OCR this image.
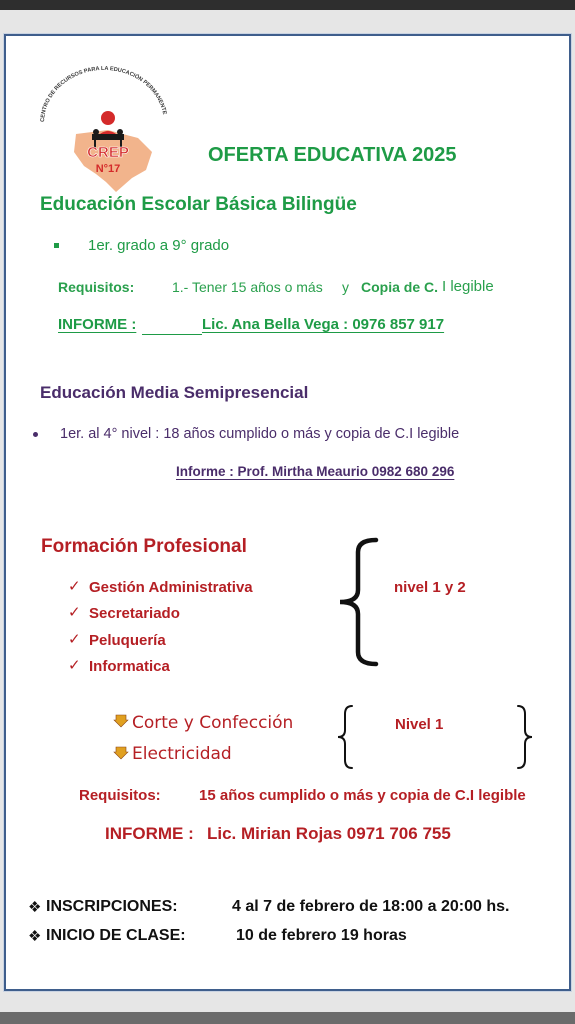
CENTRO DE RECURSOS PARA LA EDUCACIÓN PERMANENTE
CREP
N°17
OFERTA EDUCATIVA 2025
Educación Escolar Básica Bilingüe
1er. grado a 9° grado
Requisitos:	1.- Tener 15 años o más y Copia de C. I legible
INFORME :	Lic. Ana Bella Vega : 0976 857 917
Educación Media Semipresencial
1er. al 4° nivel : 18 años cumplido o más y copia de C.I legible
Informe : Prof. Mirtha Meaurio 0982 680 296
Formación Profesional
✓ Gestión Administrativa
✓ Secretariado
✓ Peluquería
✓ Informatica
nivel 1 y 2
Corte y Confección
Electricidad
Nivel 1
Requisitos:	15 años cumplido o más y copia de C.I legible
INFORME : Lic. Mirian Rojas 0971 706 755
❖ INSCRIPCIONES:	4 al 7 de febrero de 18:00 a 20:00 hs.
❖ INICIO DE CLASE:	10 de febrero 19 horas
